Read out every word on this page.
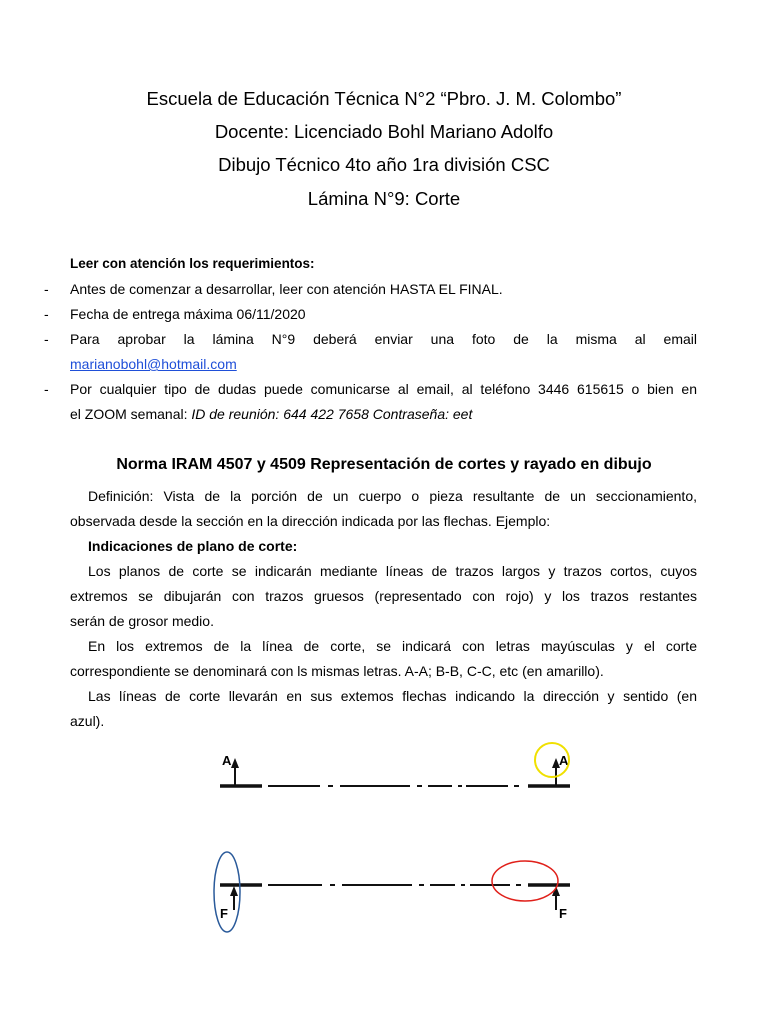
Escuela de Educación Técnica N°2 “Pbro. J. M. Colombo”
Docente: Licenciado Bohl Mariano Adolfo
Dibujo Técnico 4to año 1ra división CSC
Lámina N°9: Corte
Leer con atención los requerimientos:
- Antes de comenzar a desarrollar, leer con atención HASTA EL FINAL.
- Fecha de entrega máxima 06/11/2020
- Para aprobar la lámina N°9 deberá enviar una foto de la misma al email
marianobohl@hotmail.com
- Por cualquier tipo de dudas puede comunicarse al email, al teléfono 3446 615615 o bien en
el ZOOM semanal: ID de reunión: 644 422 7658 Contraseña: eet
Norma IRAM 4507 y 4509 Representación de cortes y rayado en dibujo
Definición: Vista de la porción de un cuerpo o pieza resultante de un seccionamiento,
observada desde la sección en la dirección indicada por las flechas. Ejemplo:
Indicaciones de plano de corte:
Los planos de corte se indicarán mediante líneas de trazos largos y trazos cortos, cuyos
extremos se dibujarán con trazos gruesos (representado con rojo) y los trazos restantes
serán de grosor medio.
En los extremos de la línea de corte, se indicará con letras mayúsculas y el corte
correspondiente se denominará con ls mismas letras. A-A; B-B, C-C, etc (en amarillo).
Las líneas de corte llevarán en sus extemos flechas indicando la dirección y sentido (en
azul).
A	A
F	F
